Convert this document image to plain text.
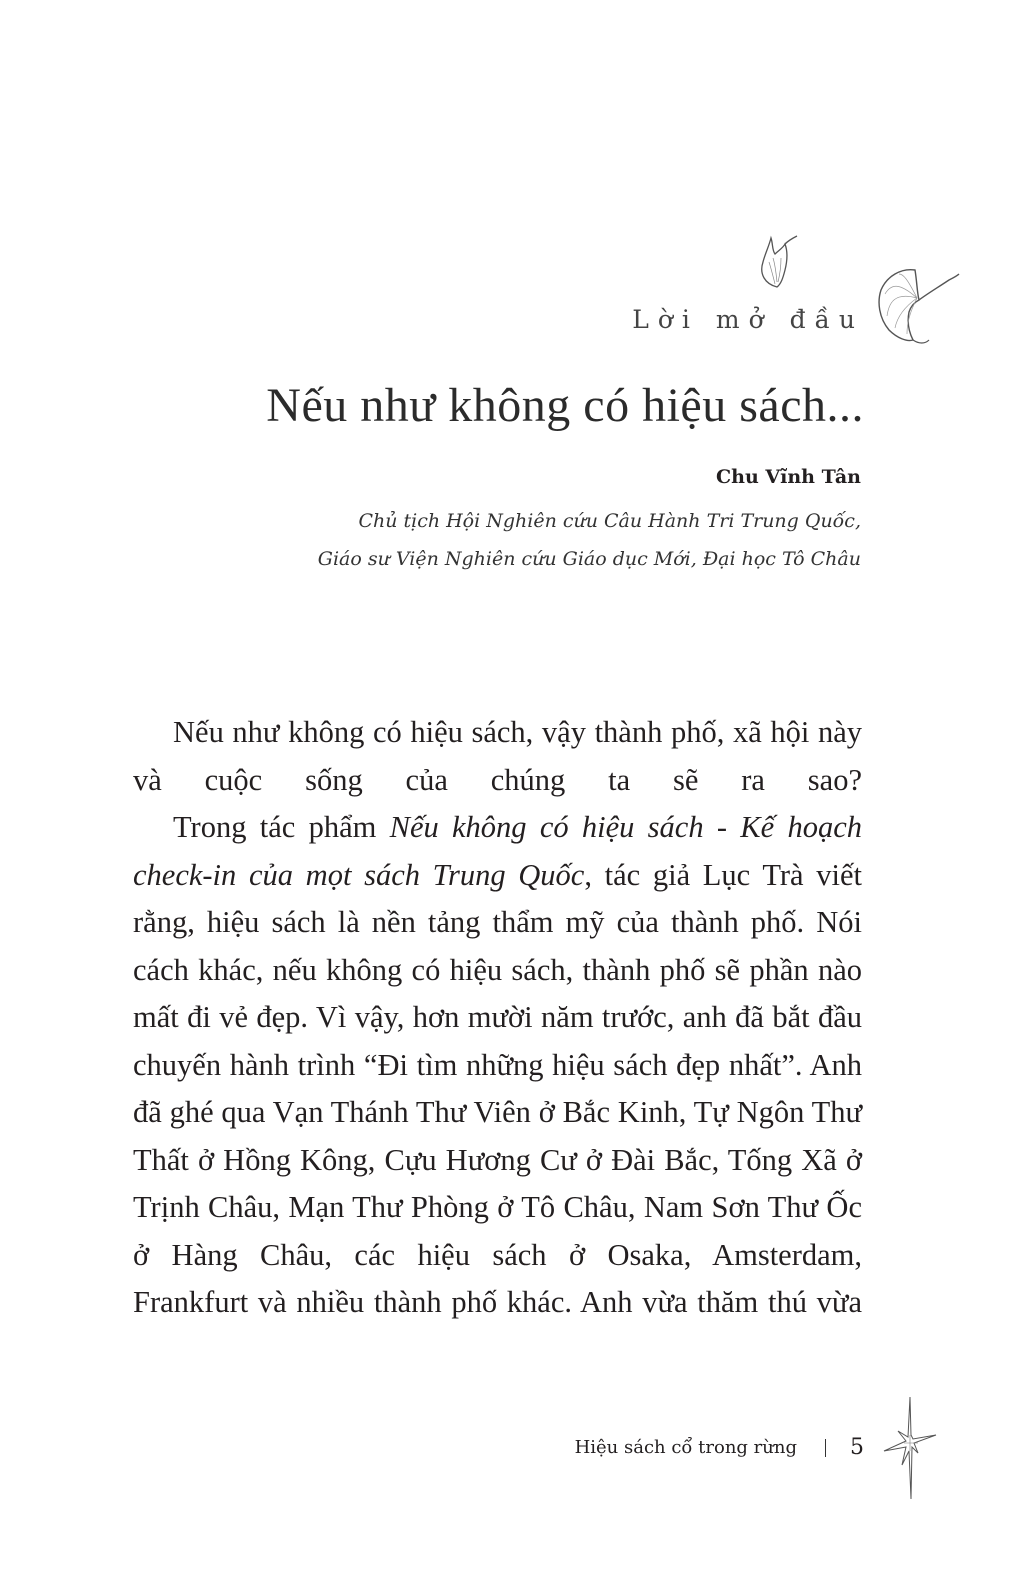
Lời mở đầu
Nếu như không có hiệu sách...
Chu Vĩnh Tân
Chủ tịch Hội Nghiên cứu Câu Hành Tri Trung Quốc,
Giáo sư Viện Nghiên cứu Giáo dục Mới, Đại học Tô Châu

Nếu như không có hiệu sách, vậy thành phố, xã hội này và cuộc sống của chúng ta sẽ ra sao?

Trong tác phẩm Nếu không có hiệu sách - Kế hoạch check-in của mọt sách Trung Quốc, tác giả Lục Trà viết rằng, hiệu sách là nền tảng thẩm mỹ của thành phố. Nói cách khác, nếu không có hiệu sách, thành phố sẽ phần nào mất đi vẻ đẹp. Vì vậy, hơn mười năm trước, anh đã bắt đầu chuyến hành trình “Đi tìm những hiệu sách đẹp nhất”. Anh đã ghé qua Vạn Thánh Thư Viên ở Bắc Kinh, Tự Ngôn Thư Thất ở Hồng Kông, Cựu Hương Cư ở Đài Bắc, Tống Xã ở Trịnh Châu, Mạn Thư Phòng ở Tô Châu, Nam Sơn Thư Ốc ở Hàng Châu, các hiệu sách ở Osaka, Amsterdam, Frankfurt và nhiều thành phố khác. Anh vừa thăm thú vừa

Hiệu sách cổ trong rừng 5
